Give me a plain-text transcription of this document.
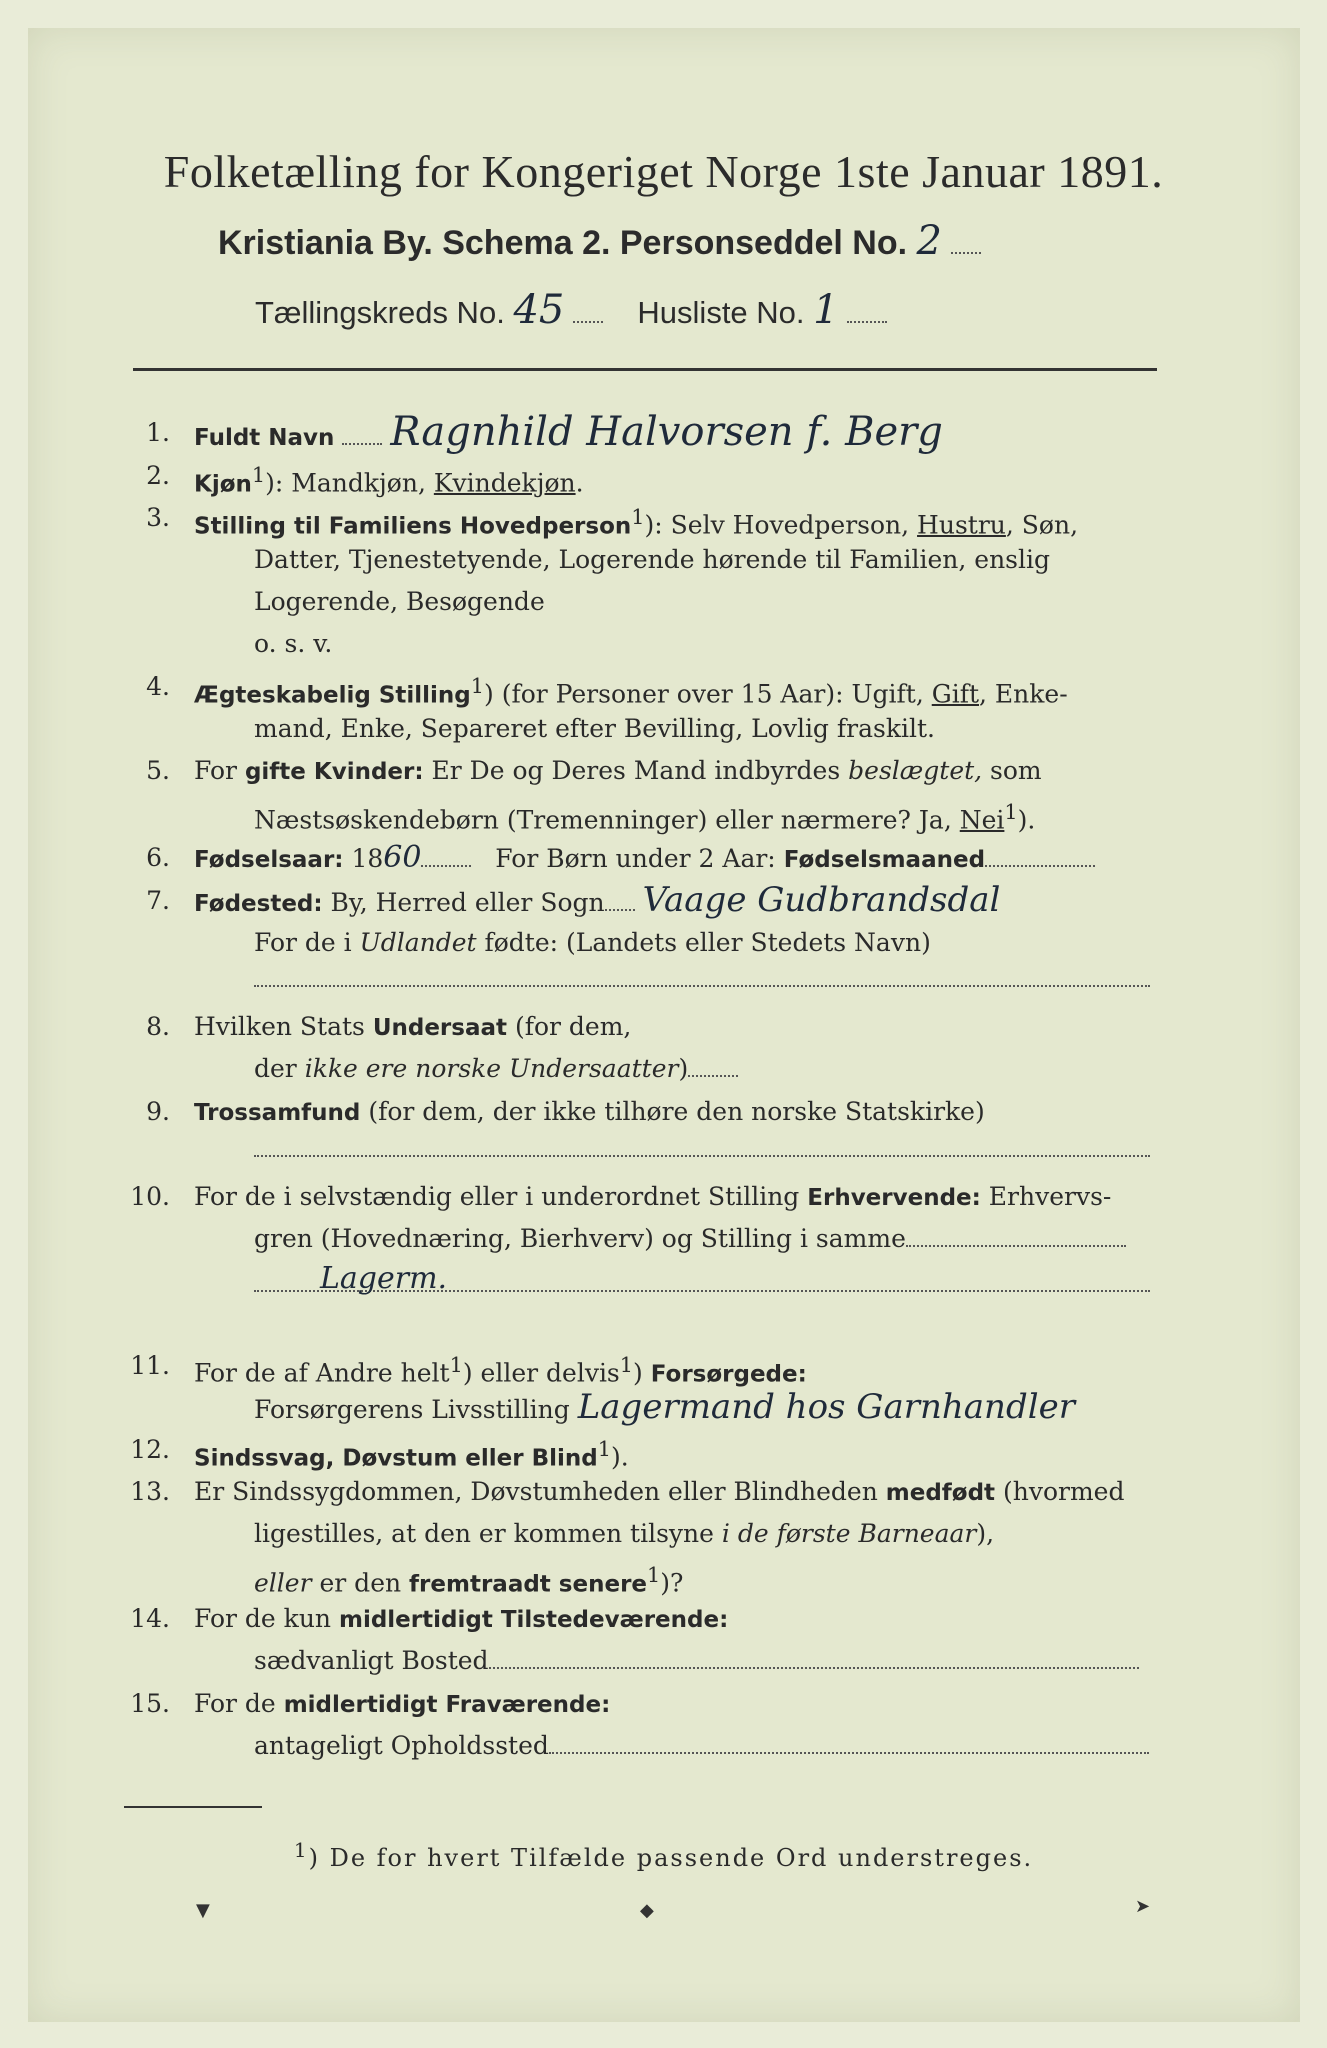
Folketælling for Kongeriget Norge 1ste Januar 1891.
Kristiania By. Schema 2. Personseddel No. 2
Tællingskreds No. 45 Husliste No. 1
1. Fuldt Navn Ragnhild Halvorsen f. Berg
2. Kjøn$^1$): Mandkjøn, Kvindekjøn.
3. Stilling til Familiens Hovedperson$^1$): Selv Hovedperson, Hustru, Søn,
Datter, Tjenestetyende, Logerende hørende til Familien, enslig
Logerende, Besøgende
o. s. v.
4. Ægteskabelig Stilling$^1$) (for Personer over 15 Aar): Ugift, Gift, Enke-
mand, Enke, Separeret efter Bevilling, Lovlig fraskilt.
5. For gifte Kvinder: Er De og Deres Mand indbyrdes beslægtet, som
Næstsøskendebørn (Tremenninger) eller nærmere? Ja, Nei$^1$).
6. Fødselsaar: 1860	For Børn under 2 Aar: Fødselsmaaned
7. Fødested: By, Herred eller Sogn Vaage Gudbrandsdal
For de i Udlandet fødte: (Landets eller Stedets Navn)
8. Hvilken Stats Undersaat (for dem,
der ikke ere norske Undersaatter)
9. Trossamfund (for dem, der ikke tilhøre den norske Statskirke)
10. For de i selvstændig eller i underordnet Stilling Erhvervende: Erhvervs-
gren (Hovednæring, Bierhverv) og Stilling i samme
Lagerm.
11. For de af Andre helt$^1$) eller delvis$^1$) Forsørgede:
Forsørgerens Livsstilling Lagermand hos Garnhandler
12. Sindssvag, Døvstum eller Blind$^1$).
13. Er Sindssygdommen, Døvstumheden eller Blindheden medfødt (hvormed
ligestilles, at den er kommen tilsyne i de første Barneaar),
eller er den fremtraadt senere$^1$)?
14. For de kun midlertidigt Tilstedeværende:
sædvanligt Bosted
15. For de midlertidigt Fraværende:
antageligt Opholdssted
$^1$) De for hvert Tilfælde passende Ord understreges.
▼	◆	➤
